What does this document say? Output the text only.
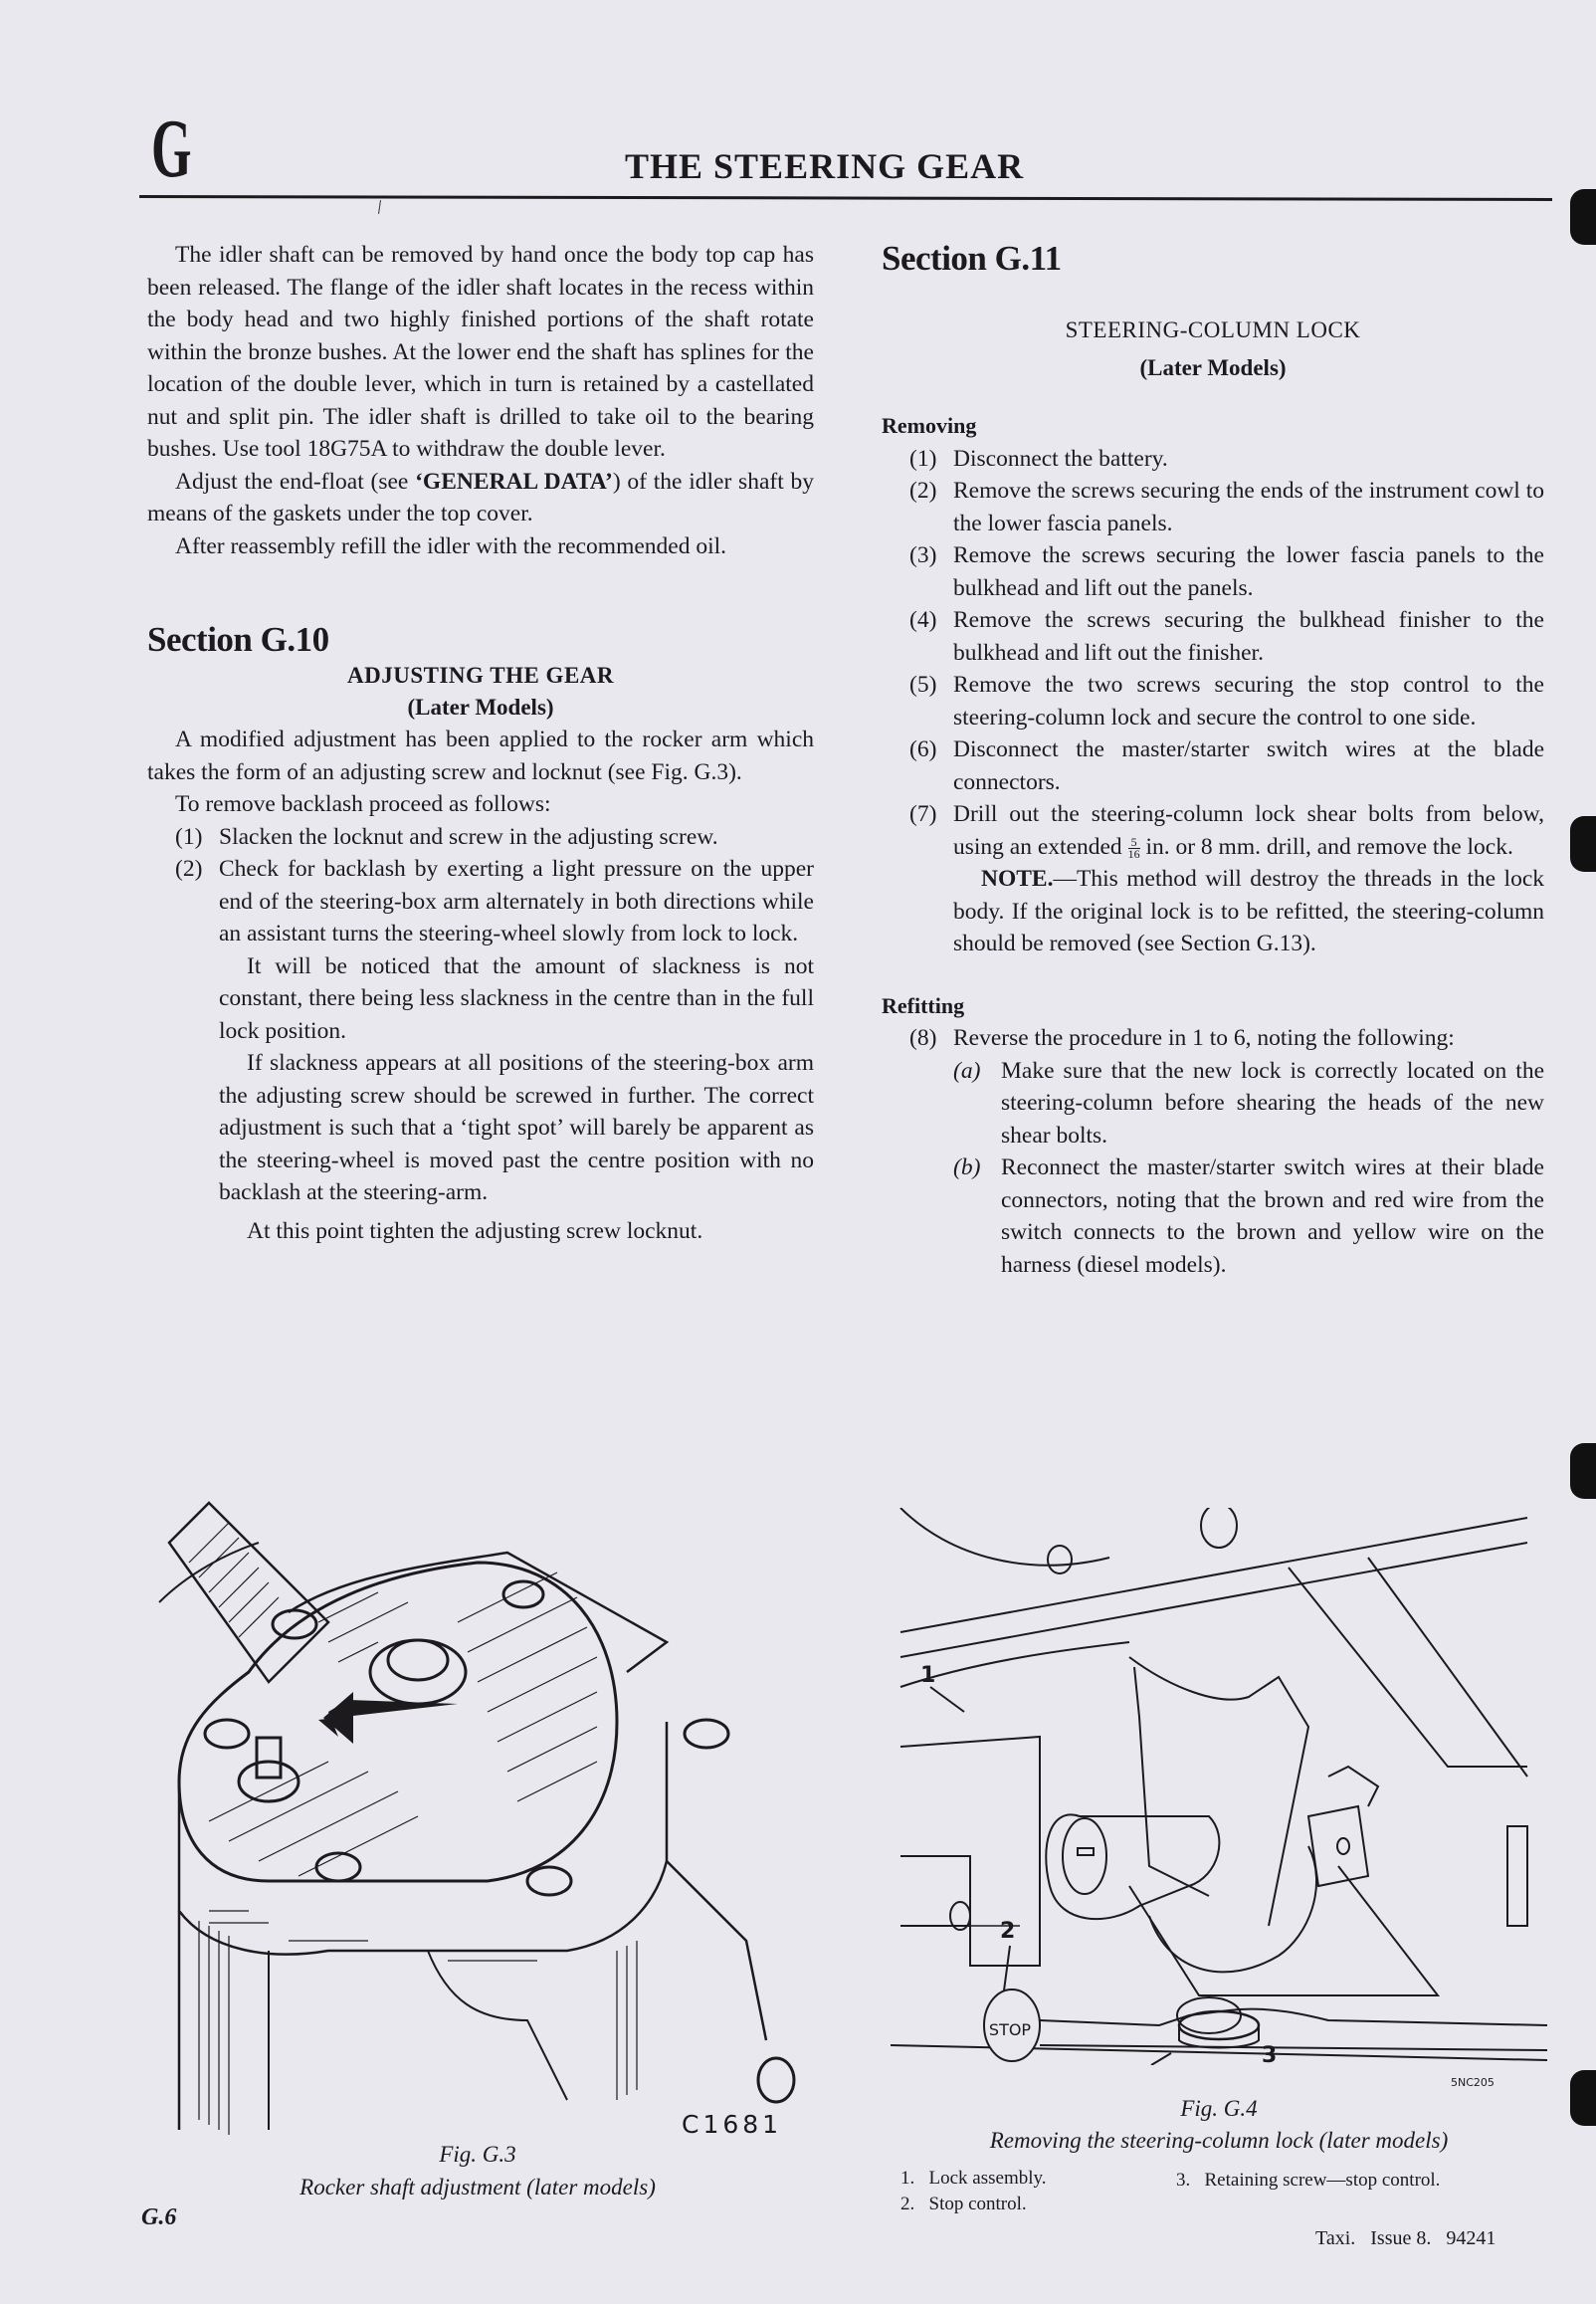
G	THE STEERING GEAR

The idler shaft can be removed by hand once the body top cap has been released. The flange of the idler shaft locates in the recess within the body head and two highly finished portions of the shaft rotate within the bronze bushes. At the lower end the shaft has splines for the location of the double lever, which in turn is retained by a castellated nut and split pin. The idler shaft is drilled to take oil to the bearing bushes. Use tool 18G75A to withdraw the double lever.

Adjust the end-float (see ‘GENERAL DATA’) of the idler shaft by means of the gaskets under the top cover.

After reassembly refill the idler with the recommended oil.

Section G.10
ADJUSTING THE GEAR
(Later Models)

A modified adjustment has been applied to the rocker arm which takes the form of an adjusting screw and locknut (see Fig. G.3).

To remove backlash proceed as follows:

(1) Slacken the locknut and screw in the adjusting screw.
(2) Check for backlash by exerting a light pressure on the upper end of the steering-box arm alternately in both directions while an assistant turns the steering-wheel slowly from lock to lock.

It will be noticed that the amount of slackness is not constant, there being less slackness in the centre than in the full lock position.

If slackness appears at all positions of the steering-box arm the adjusting screw should be screwed in further. The correct adjustment is such that a ‘tight spot’ will barely be apparent as the steering-wheel is moved past the centre position with no backlash at the steering-arm.

At this point tighten the adjusting screw locknut.

C1681
Fig. G.3
Rocker shaft adjustment (later models)
Section G.11
STEERING-COLUMN LOCK
(Later Models)
Removing
(1) Disconnect the battery.
(2) Remove the screws securing the ends of the instrument cowl to the lower fascia panels.
(3) Remove the screws securing the lower fascia panels to the bulkhead and lift out the panels.
(4) Remove the screws securing the bulkhead finisher to the bulkhead and lift out the finisher.
(5) Remove the two screws securing the stop control to the steering-column lock and secure the control to one side.
(6) Disconnect the master/starter switch wires at the blade connectors.
(7) Drill out the steering-column lock shear bolts from below, using an extended $\frac{5}{16}$ in. or 8 mm. drill, and remove the lock.

NOTE.—This method will destroy the threads in the lock body. If the original lock is to be refitted, the steering-column should be removed (see Section G.13).

Refitting
(8) Reverse the procedure in 1 to 6, noting the following:
(a) Make sure that the new lock is correctly located on the steering-column before shearing the heads of the new shear bolts.
(b) Reconnect the master/starter switch wires at their blade connectors, noting that the brown and red wire from the switch connects to the brown and yellow wire on the harness (diesel models).
STOP
1
2
3
5NC205
Fig. G.4
Removing the steering-column lock (later models)
1. Lock assembly.
2. Stop control.
3. Retaining screw—stop control.
G.6
Taxi.   Issue 8.   94241
